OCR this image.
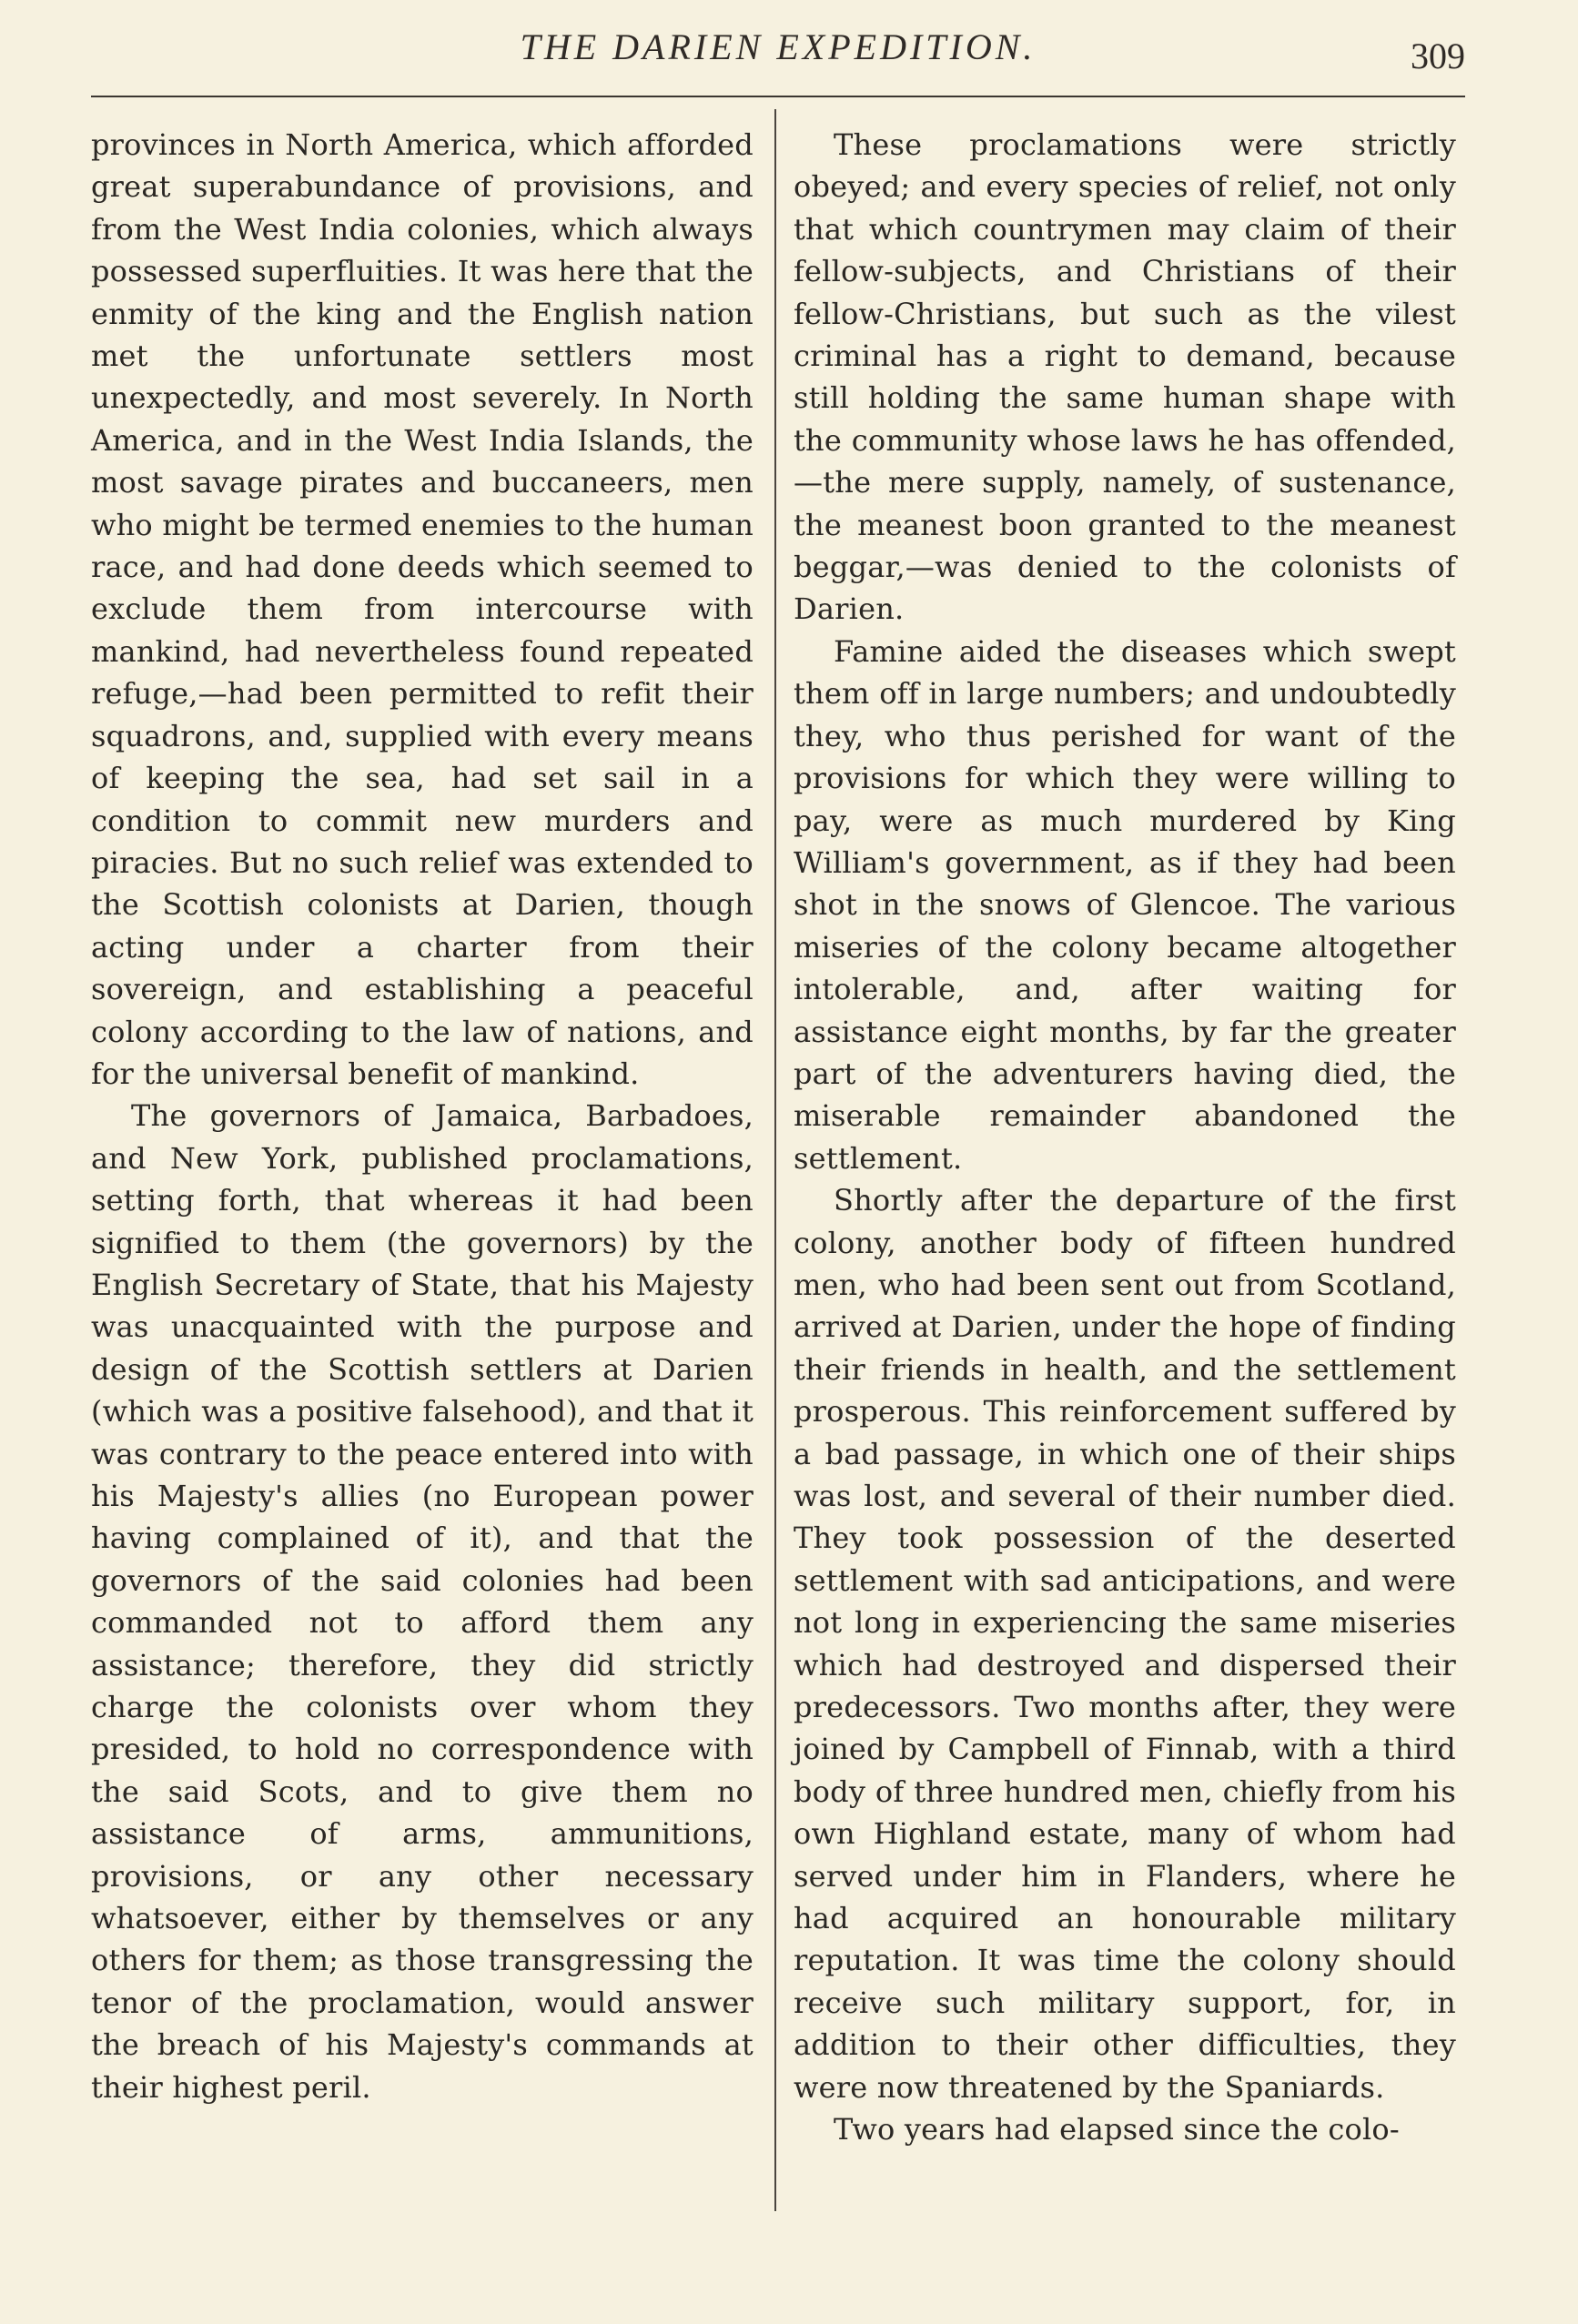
THE DARIEN EXPEDITION.	309

provinces in North America, which afforded great superabundance of provisions, and from the West India colonies, which always possessed superfluities. It was here that the enmity of the king and the English nation met the unfortunate settlers most unexpectedly, and most severely. In North America, and in the West India Islands, the most savage pirates and buccaneers, men who might be termed enemies to the human race, and had done deeds which seemed to exclude them from intercourse with mankind, had nevertheless found repeated refuge,—had been permitted to refit their squadrons, and, supplied with every means of keeping the sea, had set sail in a condition to commit new murders and piracies. But no such relief was extended to the Scottish colonists at Darien, though acting under a charter from their sovereign, and establishing a peaceful colony according to the law of nations, and for the universal benefit of mankind.

The governors of Jamaica, Barbadoes, and New York, published proclamations, setting forth, that whereas it had been signified to them (the governors) by the English Secretary of State, that his Majesty was unacquainted with the purpose and design of the Scottish settlers at Darien (which was a positive falsehood), and that it was contrary to the peace entered into with his Majesty's allies (no European power having complained of it), and that the governors of the said colonies had been commanded not to afford them any assistance; therefore, they did strictly charge the colonists over whom they presided, to hold no correspondence with the said Scots, and to give them no assistance of arms, ammunitions, provisions, or any other necessary whatsoever, either by themselves or any others for them; as those transgressing the tenor of the proclamation, would answer the breach of his Majesty's commands at their highest peril.

These proclamations were strictly obeyed; and every species of relief, not only that which countrymen may claim of their fellow-subjects, and Christians of their fellow-Christians, but such as the vilest criminal has a right to demand, because still holding the same human shape with the community whose laws he has offended,—the mere supply, namely, of sustenance, the meanest boon granted to the meanest beggar,—was denied to the colonists of Darien.

Famine aided the diseases which swept them off in large numbers; and undoubtedly they, who thus perished for want of the provisions for which they were willing to pay, were as much murdered by King William's government, as if they had been shot in the snows of Glencoe. The various miseries of the colony became altogether intolerable, and, after waiting for assistance eight months, by far the greater part of the adventurers having died, the miserable remainder abandoned the settlement.

Shortly after the departure of the first colony, another body of fifteen hundred men, who had been sent out from Scotland, arrived at Darien, under the hope of finding their friends in health, and the settlement prosperous. This reinforcement suffered by a bad passage, in which one of their ships was lost, and several of their number died. They took possession of the deserted settlement with sad anticipations, and were not long in experiencing the same miseries which had destroyed and dispersed their predecessors. Two months after, they were joined by Campbell of Finnab, with a third body of three hundred men, chiefly from his own Highland estate, many of whom had served under him in Flanders, where he had acquired an honourable military reputation. It was time the colony should receive such military support, for, in addition to their other difficulties, they were now threatened by the Spaniards.

Two years had elapsed since the colo-
